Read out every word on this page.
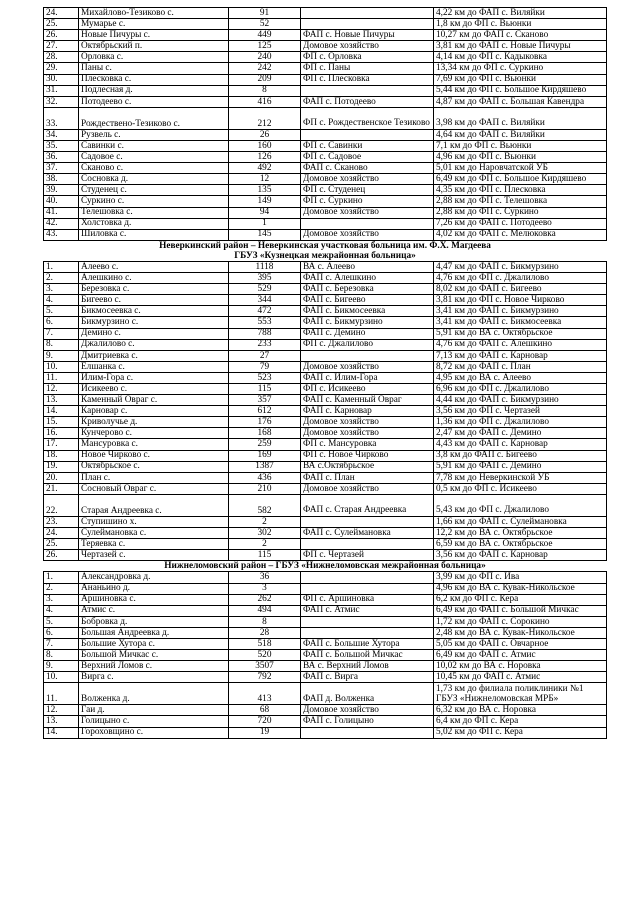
24.	Михайлово-Тезиково с.	91		4,22 км до ФАП с. Виляйки
25.	Мумарье с.	52		1,8 км до ФП с. Вьюнки
26.	Новые Пичуры с.	449	ФАП с. Новые Пичуры	10,27 км до ФАП с. Сканово
27.	Октябрьский п.	125	Домовое хозяйство	3,81 км до ФАП с. Новые Пичуры
28.	Орловка с.	240	ФП с. Орловка	4,14 км до ФП с. Кадыковка
29.	Паны с.	242	ФП с. Паны	13,34 км до ФП с. Суркино
30.	Плесковка с.	209	ФП с. Плесковка	7,69 км до ФП с. Вьюнки
31.	Подлесная д.	8		5,44 км до ФП с. Большое Кирдяшево
32.	Потодеево с.	416	ФАП с. Потодеево	4,87 км до ФАП с. Большая Кавендра
33.	Рождествено-Тезиково с.	212	ФП с. Рождественское Тезиково	3,98 км до ФАП с. Виляйки
34.	Рузвель с.	26		4,64 км до ФАП с. Виляйки
35.	Савинки с.	160	ФП с. Савинки	7,1 км до ФП с. Вьюнки
36.	Садовое с.	126	ФП с. Садовое	4,96 км до ФП с. Вьюнки
37.	Сканово с.	492	ФАП с. Сканово	5,01 км до Наровчатской УБ
38.	Сосновка д.	12	Домовое хозяйство	6,49 км до ФП с. Большое Кирдяшево
39.	Студенец с.	135	ФП с. Студенец	4,35 км до ФП с. Плесковка
40.	Суркино с.	149	ФП с. Суркино	2,88 км до ФП с. Телешовка
41.	Телешовка с.	94	Домовое хозяйство	2,88 км до ФП с. Суркино
42.	Холстовка д.	1		7,26 км до ФАП с. Потодеево
43.	Шиловка с.	145	Домовое хозяйство	4,02 км до ФАП с. Мелюковка
Неверкинский район – Неверкинская участковая больница им. Ф.Х. Магдеева				
ГБУЗ «Кузнецкая межрайонная больница»				
1.	Алеево с.	1118	ВА с. Алеево	4,47 км до ФАП с. Бикмурзино
2.	Алешкино с.	395	ФАП с. Алешкино	4,76 км до ФП с. Джалилово
3.	Березовка с.	529	ФАП с. Березовка	8,02 км до ФАП с. Бигеево
4.	Бигеево с.	344	ФАП с. Бигеево	3,81 км до ФП с. Новое Чирково
5.	Бикмосеевка с.	472	ФАП с. Бикмосеевка	3,41 км до ФАП с. Бикмурзино
6.	Бикмурзино с.	553	ФАП с. Бикмурзино	3,41 км до ФАП с. Бикмосеевка
7.	Демино с.	788	ФАП с. Демино	5,91 км до ВА с. Октябрьское
8.	Джалилово с.	233	ФП с. Джалилово	4,76 км до ФАП с. Алешкино
9.	Дмитриевка с.	27		7,13 км до ФАП с. Карновар
10.	Елшанка с.	79	Домовое хозяйство	8,72 км до ФАП с. План
11.	Илим-Гора с.	523	ФАП с. Илим-Гора	4,95 км до ВА с. Алеево
12.	Исикеево с.	115	ФП с. Исикеево	6,96 км до ФП с. Джалилово
13.	Каменный Овраг с.	357	ФАП с. Каменный Овраг	4,44 км до ФАП с. Бикмурзино
14.	Карновар с.	612	ФАП с. Карновар	3,56 км до ФП с. Чертазей
15.	Криволучье д.	176	Домовое хозяйство	1,36 км до ФП с. Джалилово
16.	Кунчерово с.	168	Домовое хозяйство	2,47 км до ФАП с. Демино
17.	Мансуровка с.	259	ФП с. Мансуровка	4,43 км до ФАП с. Карновар
18.	Новое Чирково с.	169	ФП с. Новое Чирково	3,8 км до ФАП с. Бигеево
19.	Октябрьское с.	1387	ВА с.Октябрьское	5,91 км до ФАП с. Демино
20.	План с.	436	ФАП с. План	7,78 км до Неверкинской УБ
21.	Сосновый Овраг с.	210	Домовое хозяйство	0,5 км до ФП с. Исикеево
22.	Старая Андреевка с.	582	ФАП с. Старая Андреевка	5,43 км до ФП с. Джалилово
23.	Ступишино х.	2		1,66 км до ФАП с. Сулеймановка
24.	Сулеймановка с.	302	ФАП с. Сулеймановка	12,2 км до ВА с. Октябрьское
25.	Теряевка с.	2		6,59 км до ВА с. Октябрьское
26.	Чертазей с.	115	ФП с. Чертазей	3,56 км до ФАП с. Карновар
Нижнеломовский район – ГБУЗ «Нижнеломовская межрайонная больница»				
1.	Александровка д.	36		3,99 км до ФП с. Ива
2.	Ананьино д.	3		4,96 км до ВА с. Кувак-Никольское
3.	Аршиновка с.	262	ФП с. Аршиновка	6,2 км до ФП с. Кера
4.	Атмис с.	494	ФАП с. Атмис	6,49 км до ФАП с. Большой Мичкас
5.	Бобровка д.	8		1,72 км до ФАП с. Сорокино
6.	Большая Андреевка д.	28		2,48 км до ВА с. Кувак-Никольское
7.	Большие Хутора с.	518	ФАП с. Большие Хутора	5,05 км до ФАП с. Овчарное
8.	Большой Мичкас с.	520	ФАП с. Большой Мичкас	6,49 км до ФАП с. Атмис
9.	Верхний Ломов с.	3507	ВА с. Верхний Ломов	10,02 км до ВА с. Норовка
10.	Вирга с.	792	ФАП с. Вирга	10,45 км до ФАП с. Атмис
11.	Волженка д.	413	ФАП д. Волженка	1,73 км до филиала поликлиники №1 ГБУЗ «Нижнеломовская МРБ»
12.	Гаи д.	68	Домовое хозяйство	6,32 км до ВА с. Норовка
13.	Голицыно с.	720	ФАП с. Голицыно	6,4 км до ФП с. Кера
14.	Гороховщино с.	19		5,02 км до ФП с. Кера
